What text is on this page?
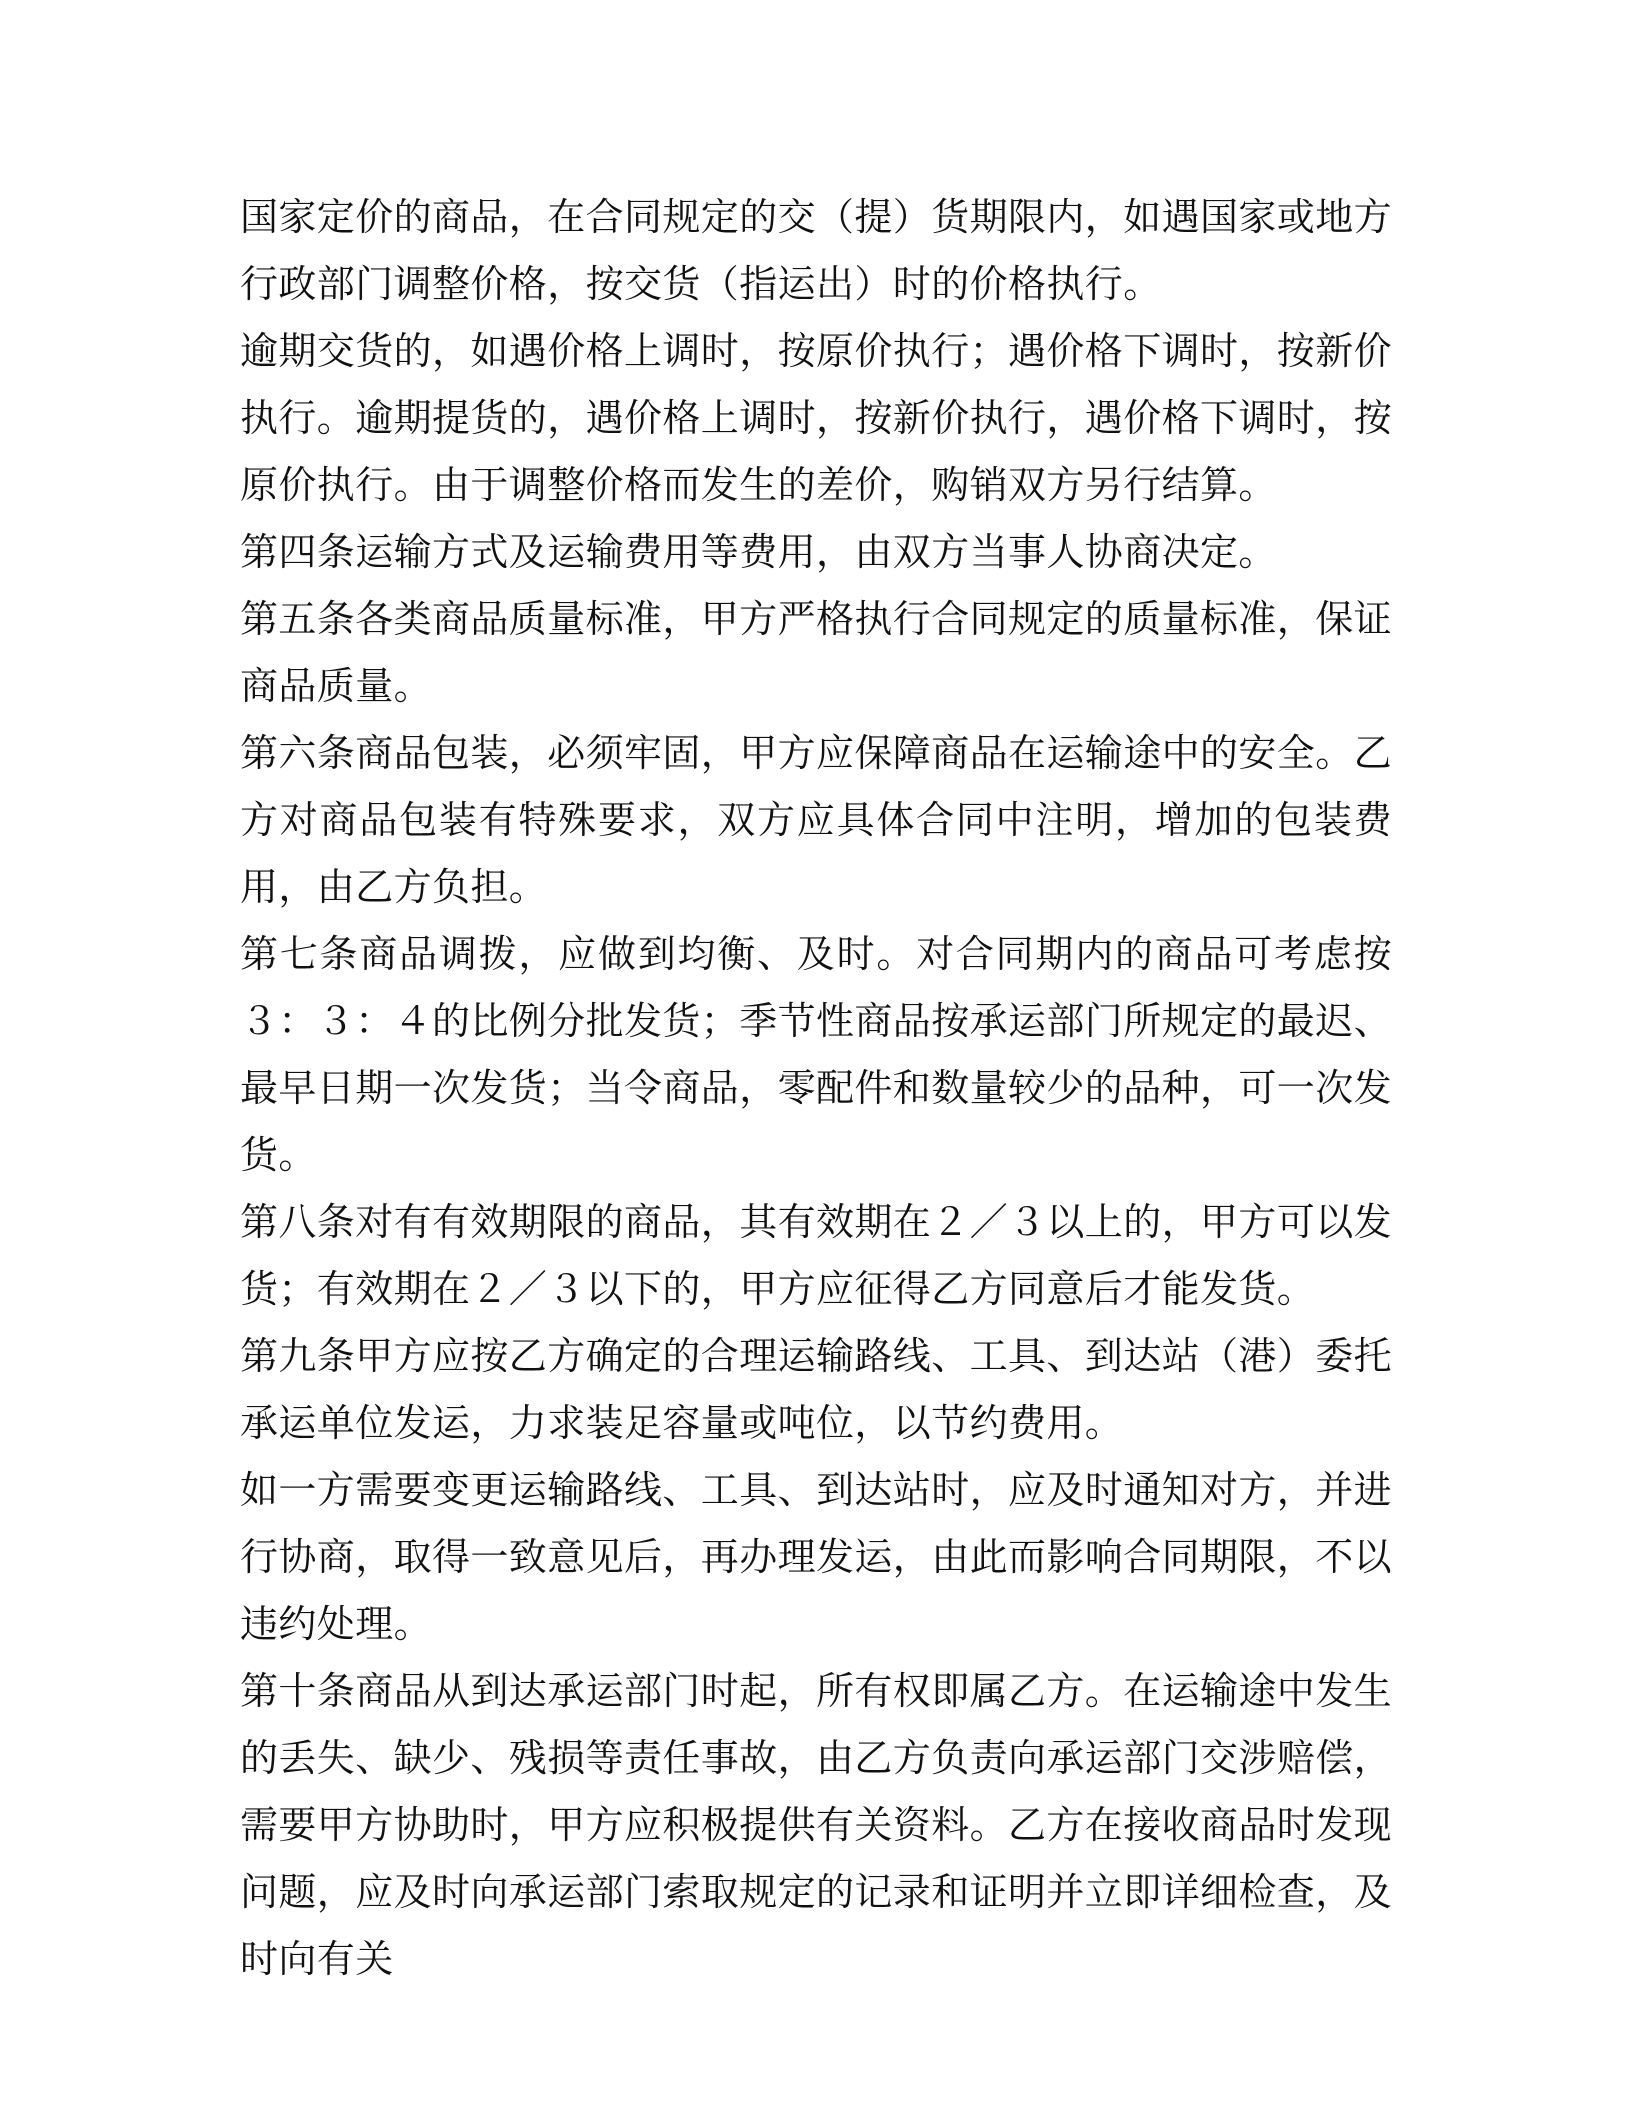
国家定价的商品，在合同规定的交（提）货期限内，如遇国家或地方行政部门调整价格，按交货（指运出）时的价格执行。

逾期交货的，如遇价格上调时，按原价执行；遇价格下调时，按新价执行。逾期提货的，遇价格上调时，按新价执行，遇价格下调时，按原价执行。由于调整价格而发生的差价，购销双方另行结算。

第四条运输方式及运输费用等费用，由双方当事人协商决定。

第五条各类商品质量标准，甲方严格执行合同规定的质量标准，保证商品质量。

第六条商品包装，必须牢固，甲方应保障商品在运输途中的安全。乙方对商品包装有特殊要求，双方应具体合同中注明，增加的包装费用，由乙方负担。

第七条商品调拨，应做到均衡、及时。对合同期内的商品可考虑按３：３：４的比例分批发货；季节性商品按承运部门所规定的最迟、最早日期一次发货；当令商品，零配件和数量较少的品种，可一次发货。

第八条对有有效期限的商品，其有效期在２／３以上的，甲方可以发货；有效期在２／３以下的，甲方应征得乙方同意后才能发货。

第九条甲方应按乙方确定的合理运输路线、工具、到达站（港）委托承运单位发运，力求装足容量或吨位，以节约费用。

如一方需要变更运输路线、工具、到达站时，应及时通知对方，并进行协商，取得一致意见后，再办理发运，由此而影响合同期限，不以违约处理。

第十条商品从到达承运部门时起，所有权即属乙方。在运输途中发生的丢失、缺少、残损等责任事故，由乙方负责向承运部门交涉赔偿，需要甲方协助时，甲方应积极提供有关资料。乙方在接收商品时发现问题，应及时向承运部门索取规定的记录和证明并立即详细检查，及时向有关
